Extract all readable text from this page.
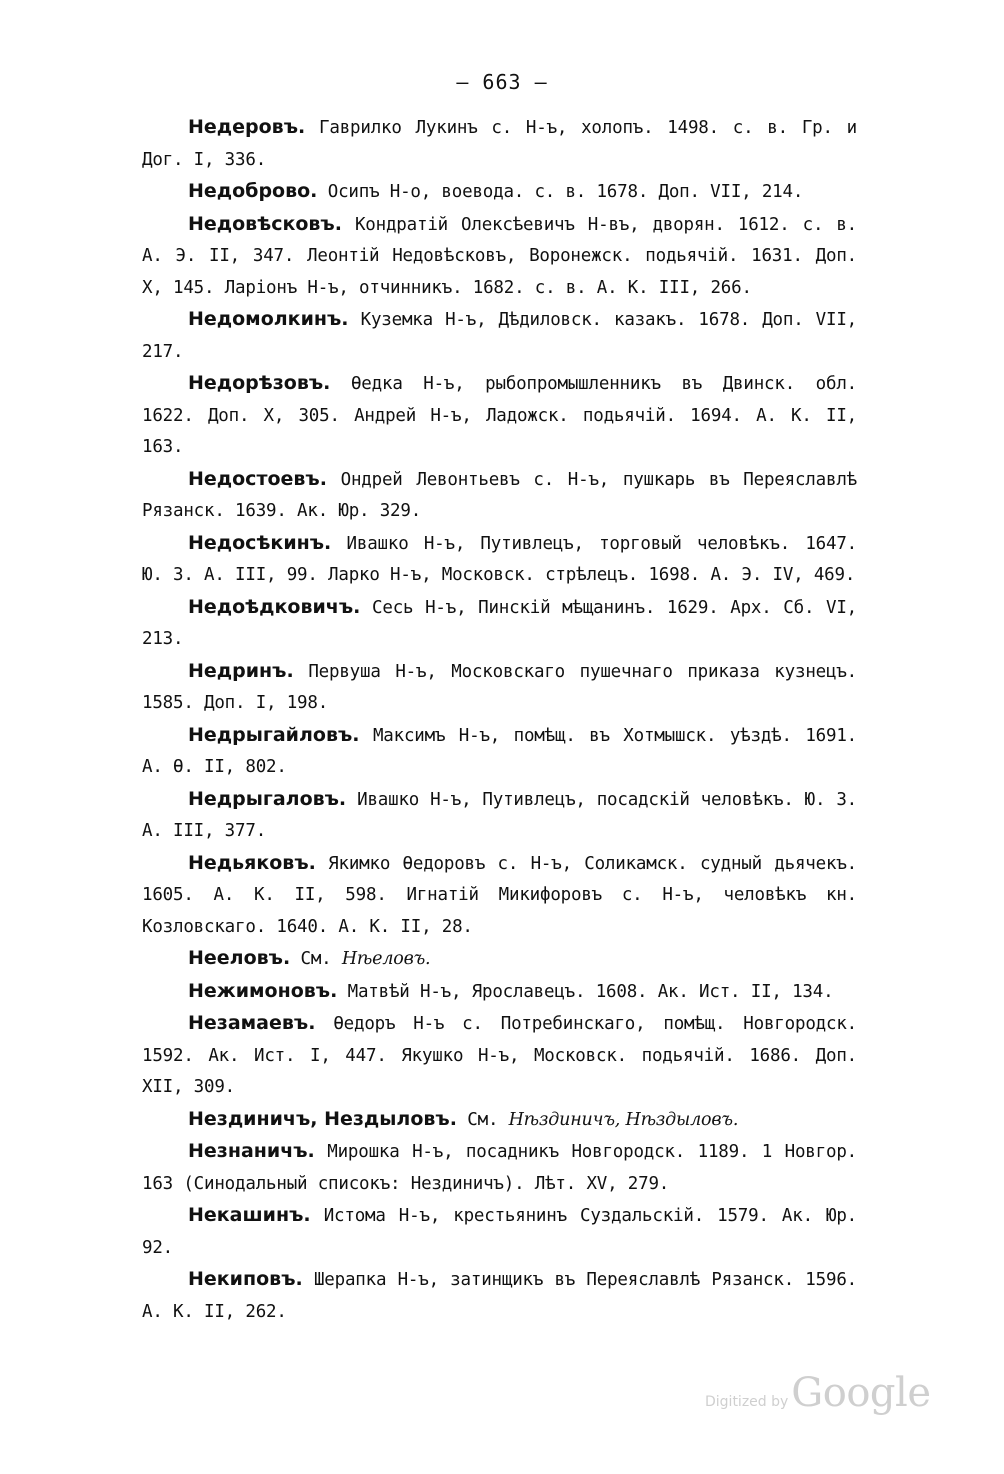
— 663 —

Недеровъ. Гаврилко Лукинъ с. Н-ъ, холопъ. 1498. с. в. Гр. и Дог. I, 336.

Недоброво. Осипъ Н-о, воевода. с. в. 1678. Доп. VII, 214.

Недовѣсковъ. Кондратій Олексѣевичъ Н-въ, дворян. 1612. с. в. А. Э. II, 347. Леонтій Недовѣсковъ, Воронежск. подьячій. 1631. Доп. X, 145. Ларіонъ Н-ъ, отчинникъ. 1682. с. в. А. К. III, 266.

Недомолкинъ. Куземка Н-ъ, Дѣдиловск. казакъ. 1678. Доп. VII, 217.

Недорѣзовъ. Ѳедка Н-ъ, рыбопромышленникъ въ Двинск. обл. 1622. Доп. X, 305. Андрей Н-ъ, Ладожск. подьячій. 1694. А. К. II, 163.

Недостоевъ. Ондрей Левонтьевъ с. Н-ъ, пушкарь въ Переяславлѣ Рязанск. 1639. Ак. Юр. 329.

Недосѣкинъ. Ивашко Н-ъ, Путивлецъ, торговый человѣкъ. 1647. Ю. З. А. III, 99. Ларко Н-ъ, Московск. стрѣлецъ. 1698. А. Э. IV, 469.

Недоѣдковичъ. Сесь Н-ъ, Пинскій мѣщанинъ. 1629. Арх. Сб. VI, 213.

Недринъ. Первуша Н-ъ, Московскаго пушечнаго приказа кузнецъ. 1585. Доп. I, 198.

Недрыгайловъ. Максимъ Н-ъ, помѣщ. въ Хотмышск. уѣздѣ. 1691. А. Ѳ. II, 802.

Недрыгаловъ. Ивашко Н-ъ, Путивлецъ, посадскій человѣкъ. Ю. З. А. III, 377.

Недьяковъ. Якимко Ѳедоровъ с. Н-ъ, Соликамск. судный дьячекъ. 1605. А. К. II, 598. Игнатій Микифоровъ с. Н-ъ, человѣкъ кн. Козловскаго. 1640. А. К. II, 28.

Нееловъ. См. Нѣеловъ.

Нежимоновъ. Матвѣй Н-ъ, Ярославецъ. 1608. Ак. Ист. II, 134.

Незамаевъ. Ѳедоръ Н-ъ с. Потребинскаго, помѣщ. Новгородск. 1592. Ак. Ист. I, 447. Якушко Н-ъ, Московск. подьячій. 1686. Доп. XII, 309.

Нездиничъ, Нездыловъ. См. Нѣздиничъ, Нѣздыловъ.

Незнаничъ. Мирошка Н-ъ, посадникъ Новгородск. 1189. 1 Новгор. 163 (Синодальный списокъ: Нездиничъ). Лѣт. XV, 279.

Некашинъ. Истома Н-ъ, крестьянинъ Суздальскій. 1579. Ак. Юр. 92.

Некиповъ. Шерапка Н-ъ, затинщикъ въ Переяславлѣ Рязанск. 1596. А. К. II, 262.

Digitized by Google
